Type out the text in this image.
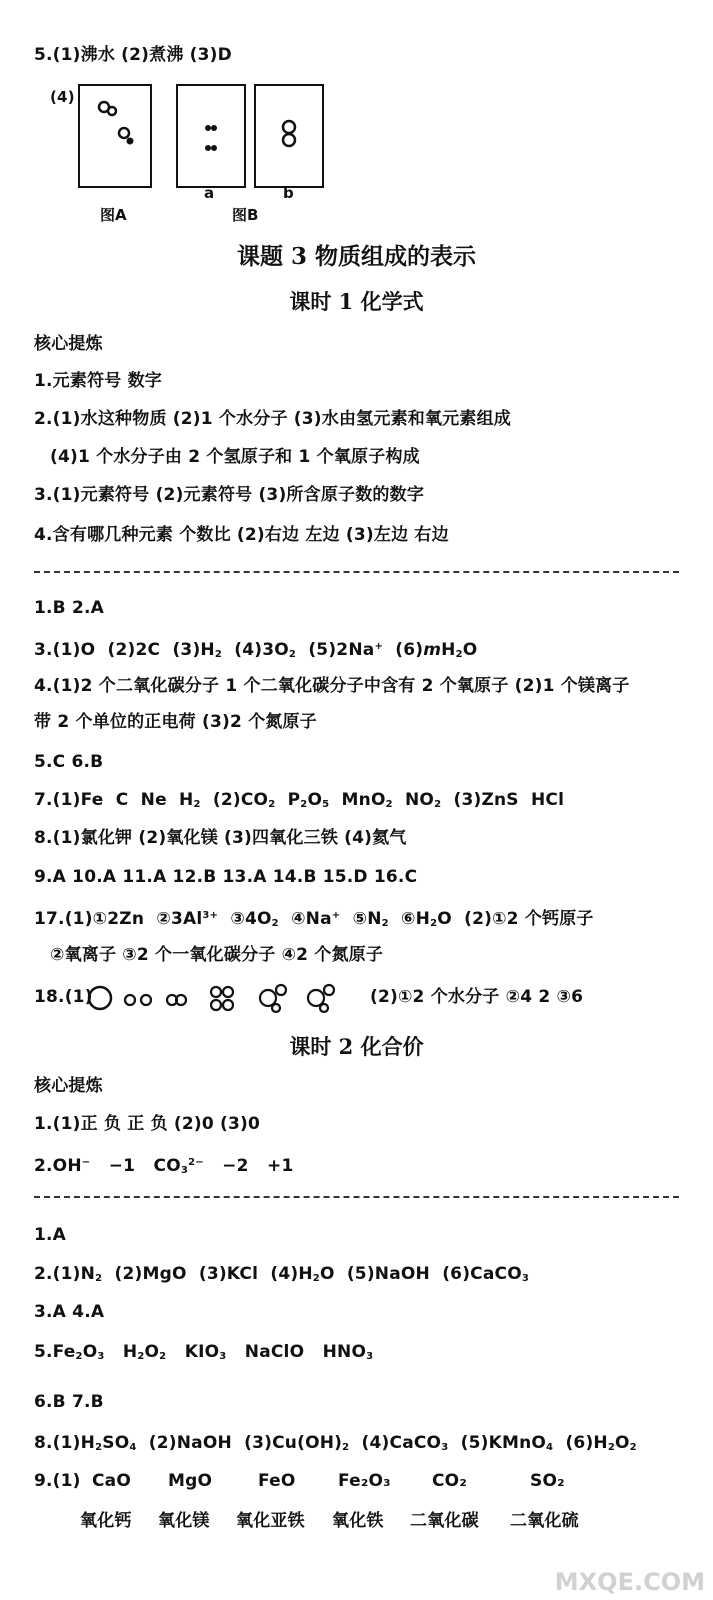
5.(1)沸水 (2)煮沸 (3)D
(4)
a	b
图A	图B
课题 3 物质组成的表示
课时 1 化学式
核心提炼
1.元素符号 数字
2.(1)水这种物质 (2)1 个水分子 (3)水由氢元素和氧元素组成
(4)1 个水分子由 2 个氢原子和 1 个氧原子构成
3.(1)元素符号 (2)元素符号 (3)所含原子数的数字
4.含有哪几种元素 个数比 (2)右边 左边 (3)左边 右边
1.B 2.A
3.(1)O  (2)2C  $(3)H_2$  $(4)3O_2$  (5)2Na+  $(6)mH_2O$
4.(1)2 个二氧化碳分子 1 个二氧化碳分子中含有 2 个氧原子 (2)1 个镁离子
带 2 个单位的正电荷 (3)2 个氮原子
5.C 6.B
7.(1)Fe  C  Ne  $H_2$  $(2)CO_2$  $P_2O_5$  MnO$_2$  $NO_2$  (3)ZnS  HCl
8.(1)氯化钾 (2)氧化镁 (3)四氧化三铁 (4)氦气
9.A 10.A 11.A 12.B 13.A 14.B 15.D 16.C
17.(1)①2Zn  $②3Al^{3+}$  $③4O_2$  ④Na+  $⑤N_2$  $⑥H_2O$  (2)①2 个钙原子
②氧离子 ③2 个一氧化碳分子 ④2 个氮原子
18.(1)	(2)①2 个水分子 ②4 2 ③6
课时 2 化合价
核心提炼
1.(1)正 负 正 负 (2)0 (3)0
2.OH−   −1   $CO_3^{2-} -2 +1$
1.A
$2.(1)N_2$  (2)MgO  (3)KCl  $(4)H_2O$  (5)NaOH  (6)CaCO$_3$
3.A 4.A
$5.Fe_2O_3$   $H_2O_2$   $KIO_3$   NaClO   $HNO_3$
6.B 7.B
$8.(1)H_2SO_4$  (2)NaOH  $(3)Cu(OH)_2$  (4)CaCO$_3$  (5)KMnO$_4$  $(6)H_2O_2$
9.(1) CaO MgO	FeO Fe₂O₃ CO₂	SO₂
氧化钙 氧化镁 氧化亚铁 氧化铁 二氧化碳 二氧化硫
MXQE.COM
